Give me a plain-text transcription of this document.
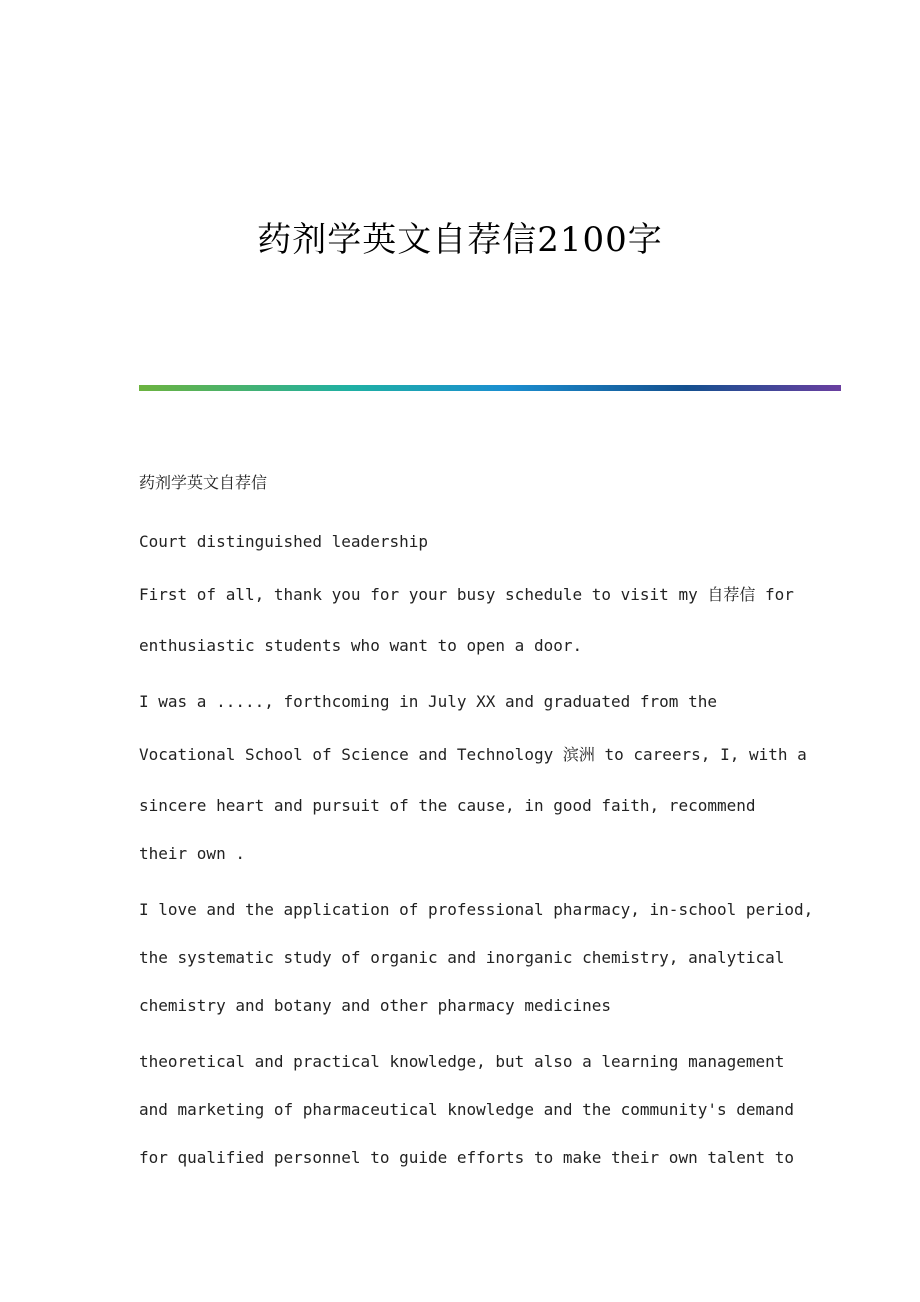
药剂学英文自荐信2100字
药剂学英文自荐信
Court distinguished leadership
First of all, thank you for your busy schedule to visit my 自荐信 for
enthusiastic students who want to open a door.
I was a ....., forthcoming in July XX and graduated from the
Vocational School of Science and Technology 滨洲 to careers, I, with a
sincere heart and pursuit of the cause, in good faith, recommend
their own .
I love and the application of professional pharmacy, in-school period,
the systematic study of organic and inorganic chemistry, analytical
chemistry and botany and other pharmacy medicines
theoretical and practical knowledge, but also a learning management
and marketing of pharmaceutical knowledge and the community's demand
for qualified personnel to guide efforts to make their own talent to
